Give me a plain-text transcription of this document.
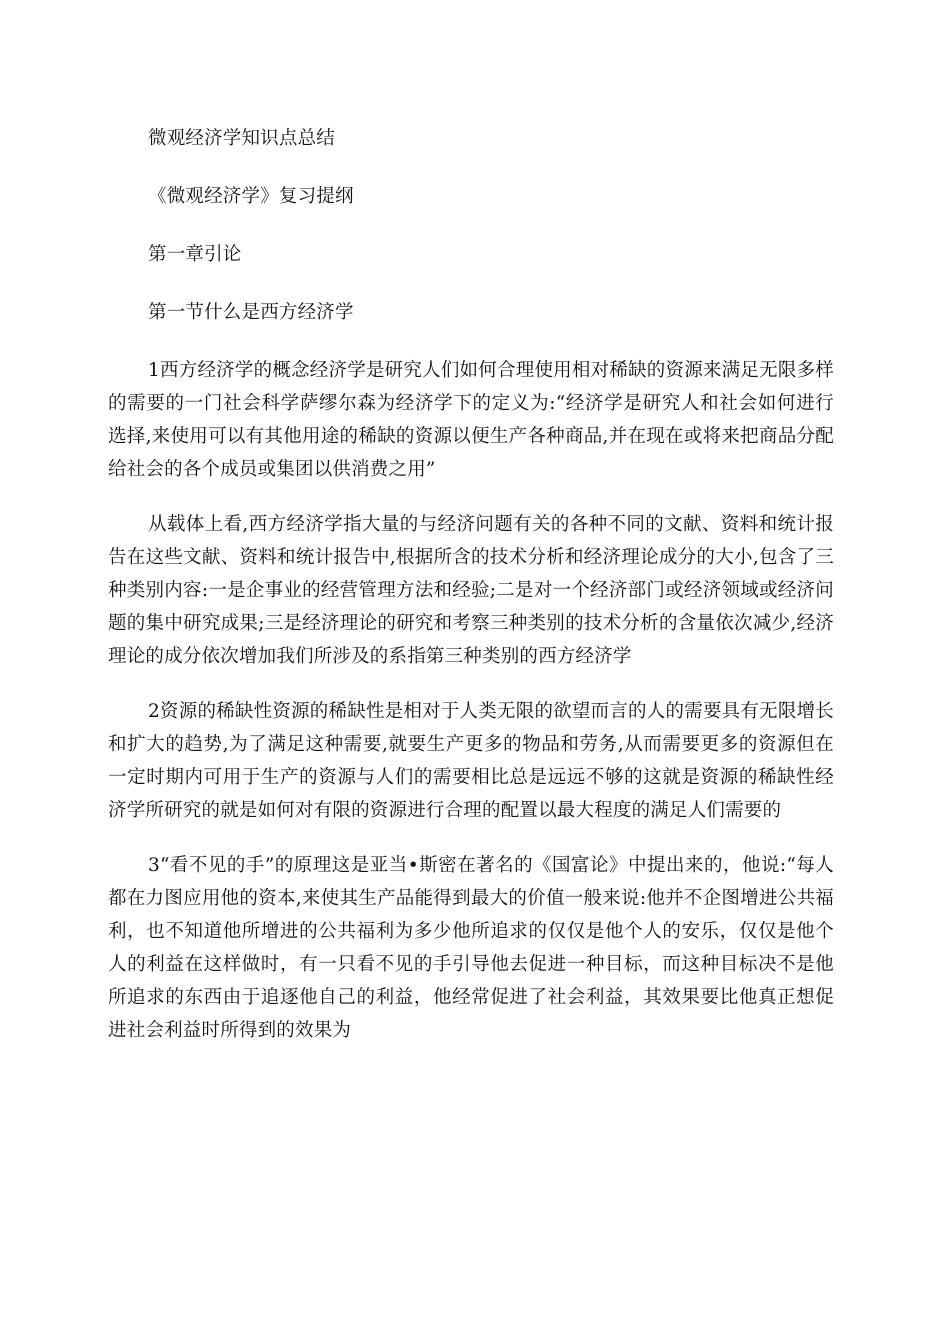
微观经济学知识点总结

《微观经济学》复习提纲

第一章引论

第一节什么是西方经济学

1西方经济学的概念经济学是研究人们如何合理使用相对稀缺的资源来满足无限多样的需要的一门社会科学萨缪尔森为经济学下的定义为:“经济学是研究人和社会如何进行选择,来使用可以有其他用途的稀缺的资源以便生产各种商品,并在现在或将来把商品分配给社会的各个成员或集团以供消费之用”

从载体上看,西方经济学指大量的与经济问题有关的各种不同的文献、资料和统计报告在这些文献、资料和统计报告中,根据所含的技术分析和经济理论成分的大小,包含了三种类别内容:一是企事业的经营管理方法和经验;二是对一个经济部门或经济领域或经济问题的集中研究成果;三是经济理论的研究和考察三种类别的技术分析的含量依次减少,经济理论的成分依次增加我们所涉及的系指第三种类别的西方经济学

2资源的稀缺性资源的稀缺性是相对于人类无限的欲望而言的人的需要具有无限增长和扩大的趋势,为了满足这种需要,就要生产更多的物品和劳务,从而需要更多的资源但在一定时期内可用于生产的资源与人们的需要相比总是远远不够的这就是资源的稀缺性经济学所研究的就是如何对有限的资源进行合理的配置以最大程度的满足人们需要的

3“看不见的手”的原理这是亚当•斯密在著名的《国富论》中提出来的，他说:“每人都在力图应用他的资本,来使其生产品能得到最大的价值一般来说:他并不企图增进公共福利，也不知道他所增进的公共福利为多少他所追求的仅仅是他个人的安乐，仅仅是他个人的利益在这样做时，有一只看不见的手引导他去促进一种目标，而这种目标决不是他所追求的东西由于追逐他自己的利益，他经常促进了社会利益，其效果要比他真正想促进社会利益时所得到的效果为
